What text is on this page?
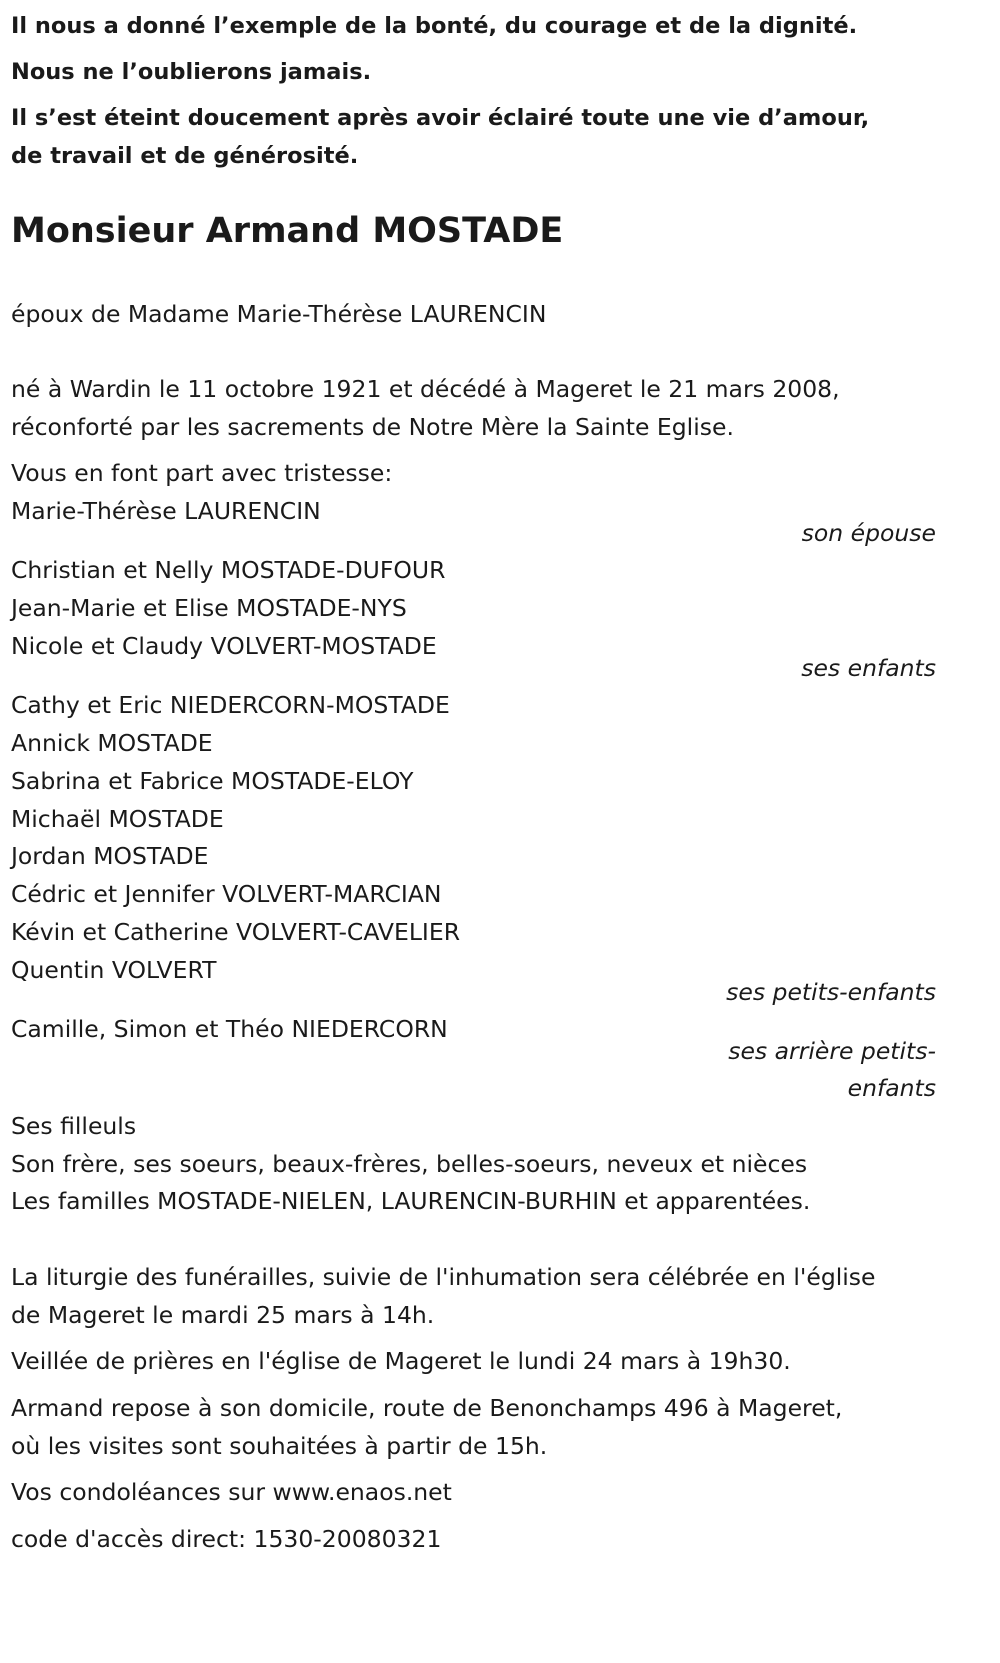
Il nous a donné l’exemple de la bonté, du courage et de la dignité.
Nous ne l’oublierons jamais.
Il s’est éteint doucement après avoir éclairé toute une vie d’amour,
de travail et de générosité.
Monsieur Armand MOSTADE
époux de Madame Marie-Thérèse LAURENCIN
né à Wardin le 11 octobre 1921 et décédé à Mageret le 21 mars 2008,
réconforté par les sacrements de Notre Mère la Sainte Eglise.
Vous en font part avec tristesse:
Marie-Thérèse LAURENCIN
son épouse
Christian et Nelly MOSTADE-DUFOUR
Jean-Marie et Elise MOSTADE-NYS
Nicole et Claudy VOLVERT-MOSTADE
ses enfants
Cathy et Eric NIEDERCORN-MOSTADE
Annick MOSTADE
Sabrina et Fabrice MOSTADE-ELOY
Michaël MOSTADE
Jordan MOSTADE
Cédric et Jennifer VOLVERT-MARCIAN
Kévin et Catherine VOLVERT-CAVELIER
Quentin VOLVERT
ses petits-enfants
Camille, Simon et Théo NIEDERCORN
ses arrière petits-
enfants
Ses filleuls
Son frère, ses soeurs, beaux-frères, belles-soeurs, neveux et nièces
Les familles MOSTADE-NIELEN, LAURENCIN-BURHIN et apparentées.
La liturgie des funérailles, suivie de l'inhumation sera célébrée en l'église
de Mageret le mardi 25 mars à 14h.
Veillée de prières en l'église de Mageret le lundi 24 mars à 19h30.
Armand repose à son domicile, route de Benonchamps 496 à Mageret,
où les visites sont souhaitées à partir de 15h.
Vos condoléances sur www.enaos.net
code d'accès direct: 1530-20080321
